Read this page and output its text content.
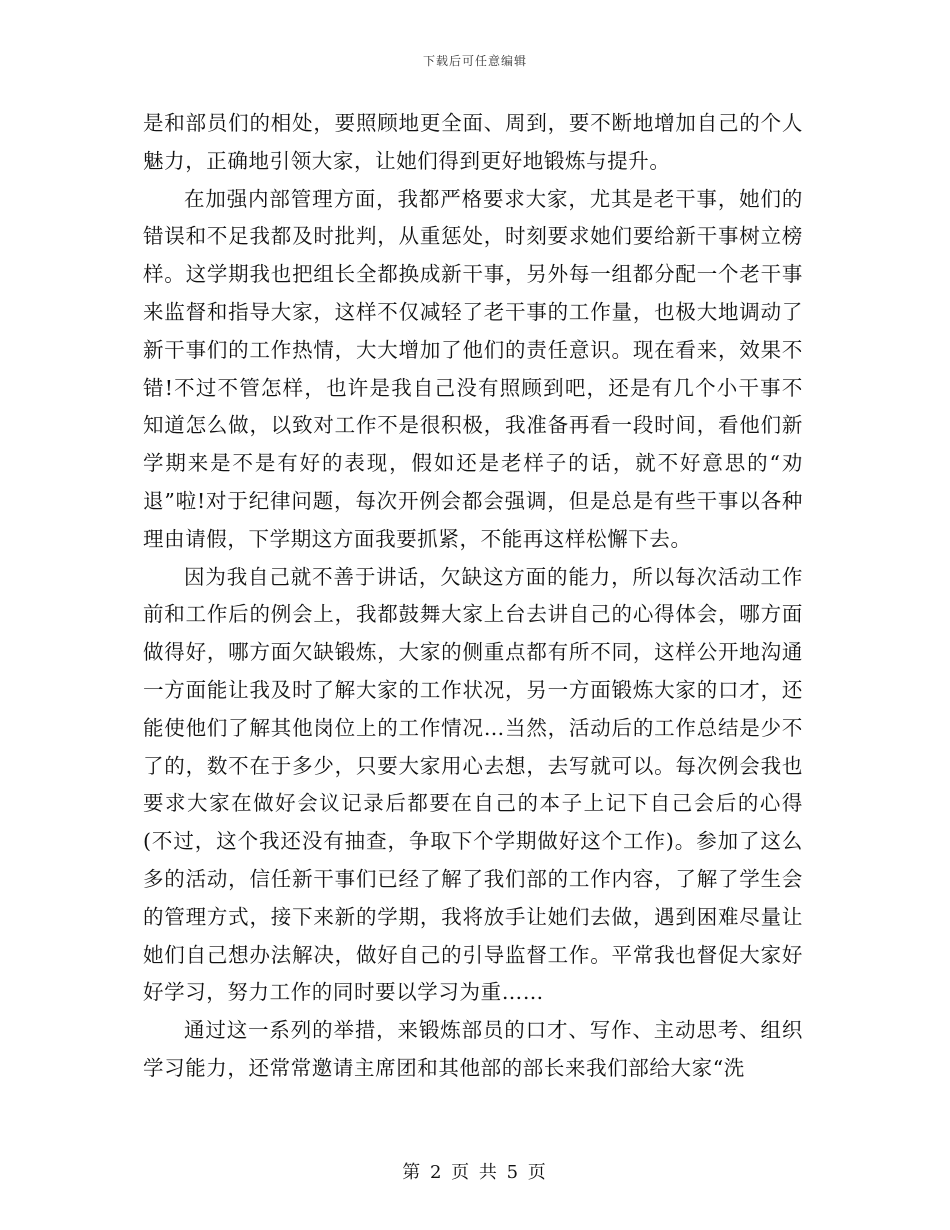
下载后可任意编辑

是和部员们的相处，要照顾地更全面、周到，要不断地增加自己的个人魅力，正确地引领大家，让她们得到更好地锻炼与提升。

在加强内部管理方面，我都严格要求大家，尤其是老干事，她们的错误和不足我都及时批判，从重惩处，时刻要求她们要给新干事树立榜样。这学期我也把组长全都换成新干事，另外每一组都分配一个老干事来监督和指导大家，这样不仅减轻了老干事的工作量，也极大地调动了新干事们的工作热情，大大增加了他们的责任意识。现在看来，效果不错!不过不管怎样，也许是我自己没有照顾到吧，还是有几个小干事不知道怎么做，以致对工作不是很积极，我准备再看一段时间，看他们新学期来是不是有好的表现，假如还是老样子的话，就不好意思的“劝退”啦!对于纪律问题，每次开例会都会强调，但是总是有些干事以各种理由请假，下学期这方面我要抓紧，不能再这样松懈下去。

因为我自己就不善于讲话，欠缺这方面的能力，所以每次活动工作前和工作后的例会上，我都鼓舞大家上台去讲自己的心得体会，哪方面做得好，哪方面欠缺锻炼，大家的侧重点都有所不同，这样公开地沟通一方面能让我及时了解大家的工作状况，另一方面锻炼大家的口才，还能使他们了解其他岗位上的工作情况…当然，活动后的工作总结是少不了的，数不在于多少，只要大家用心去想，去写就可以。每次例会我也要求大家在做好会议记录后都要在自己的本子上记下自己会后的心得(不过，这个我还没有抽查，争取下个学期做好这个工作)。参加了这么多的活动，信任新干事们已经了解了我们部的工作内容，了解了学生会的管理方式，接下来新的学期，我将放手让她们去做，遇到困难尽量让她们自己想办法解决，做好自己的引导监督工作。平常我也督促大家好好学习，努力工作的同时要以学习为重……

通过这一系列的举措，来锻炼部员的口才、写作、主动思考、组织学习能力，还常常邀请主席团和其他部的部长来我们部给大家“洗

第 2 页 共 5 页
